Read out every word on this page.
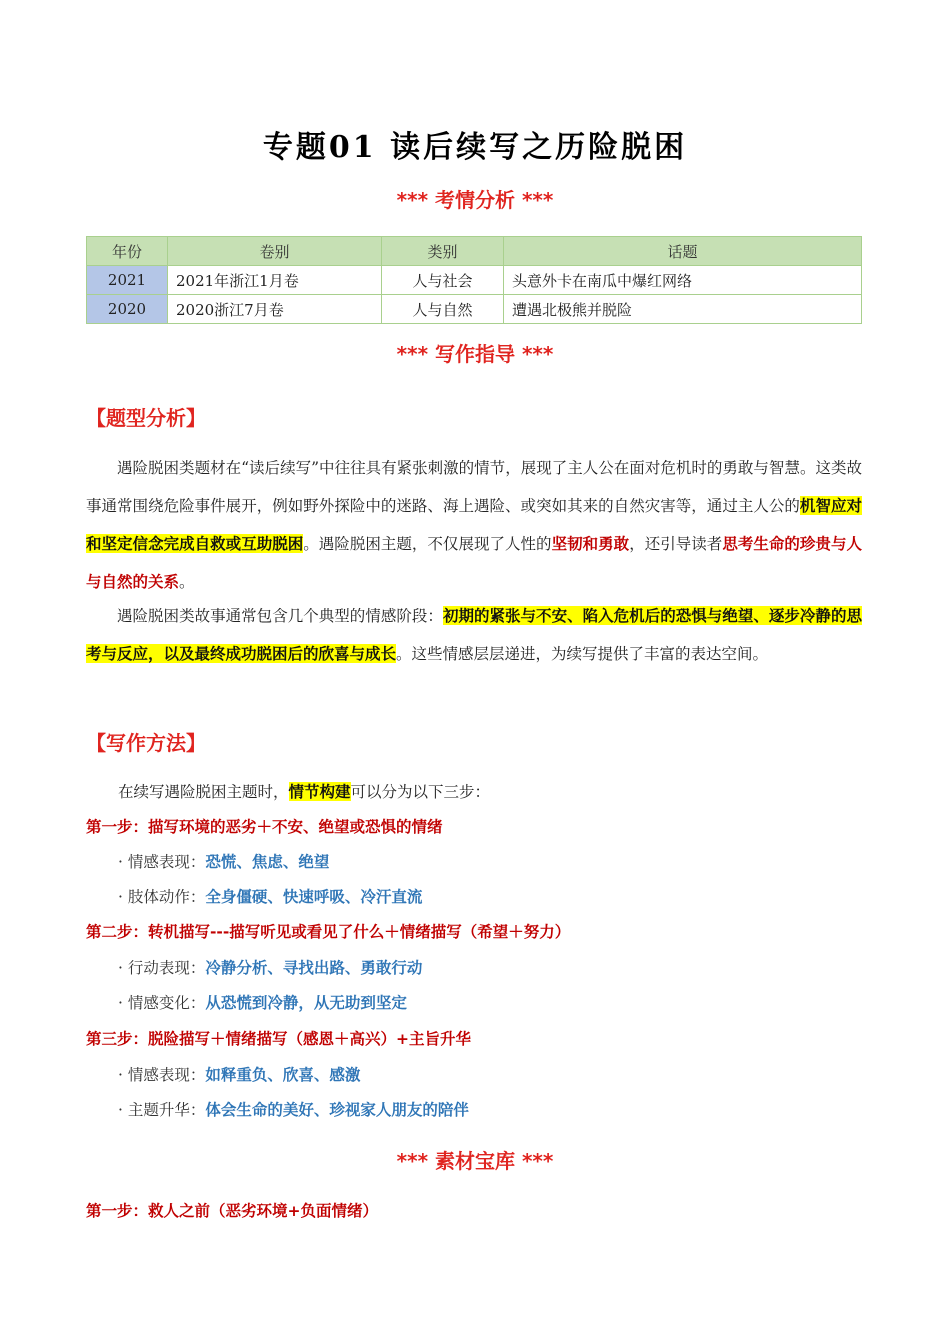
专题01 读后续写之历险脱困
*** 考情分析 ***
年份	卷别	类别	话题
2021	2021年浙江1月卷	人与社会	头意外卡在南瓜中爆红网络
2020	2020浙江7月卷	人与自然	遭遇北极熊并脱险
*** 写作指导 ***
【题型分析】
遇险脱困类题材在“读后续写”中往往具有紧张刺激的情节，展现了主人公在面对危机时的勇敢与智慧。这类故事通常围绕危险事件展开，例如野外探险中的迷路、海上遇险、或突如其来的自然灾害等，通过主人公的机智应对和坚定信念完成自救或互助脱困。遇险脱困主题，不仅展现了人性的坚韧和勇敢，还引导读者思考生命的珍贵与人与自然的关系。
遇险脱困类故事通常包含几个典型的情感阶段：初期的紧张与不安、陷入危机后的恐惧与绝望、逐步冷静的思考与反应，以及最终成功脱困后的欣喜与成长。这些情感层层递进，为续写提供了丰富的表达空间。
【写作方法】
在续写遇险脱困主题时，情节构建可以分为以下三步：
第一步：描写环境的恶劣＋不安、绝望或恐惧的情绪
· 情感表现：恐慌、焦虑、绝望
· 肢体动作：全身僵硬、快速呼吸、冷汗直流
第二步：转机描写---描写听见或看见了什么＋情绪描写（希望＋努力）
· 行动表现：冷静分析、寻找出路、勇敢行动
· 情感变化：从恐慌到冷静，从无助到坚定
第三步：脱险描写＋情绪描写（感恩＋高兴）+主旨升华
· 情感表现：如释重负、欣喜、感激
· 主题升华：体会生命的美好、珍视家人朋友的陪伴
*** 素材宝库 ***
第一步：救人之前（恶劣环境+负面情绪）
